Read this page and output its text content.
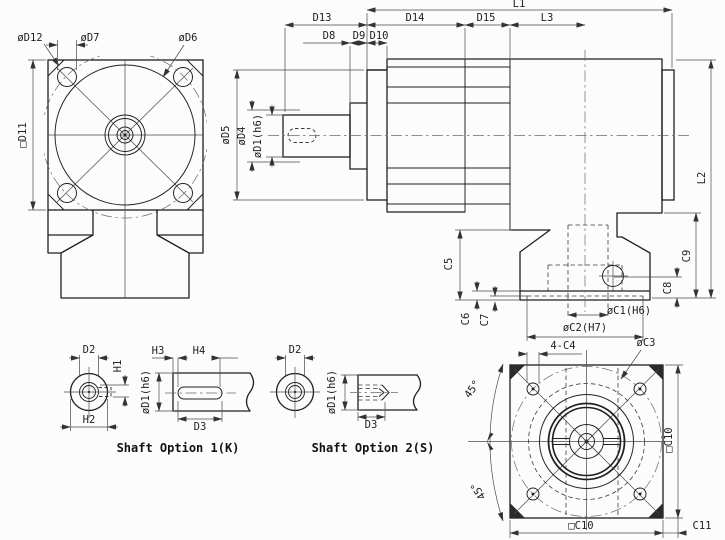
□D11
øD12	øD7	øD6
L1
D13	D14	D15	L3
D8 D9 D10
øD5 øD4 øD1(h6)
L2
C9
C8
C5
C6 C7
øC1(H6)
øC2(H7)
D2
H1
H2
øD1(h6)
H3	H4
D3
Shaft Option 1(K)
D2
øD1(h6)
D3
Shaft Option 2(S)
4-C4	øC3
45°
45°
□C10
□C10	C11
